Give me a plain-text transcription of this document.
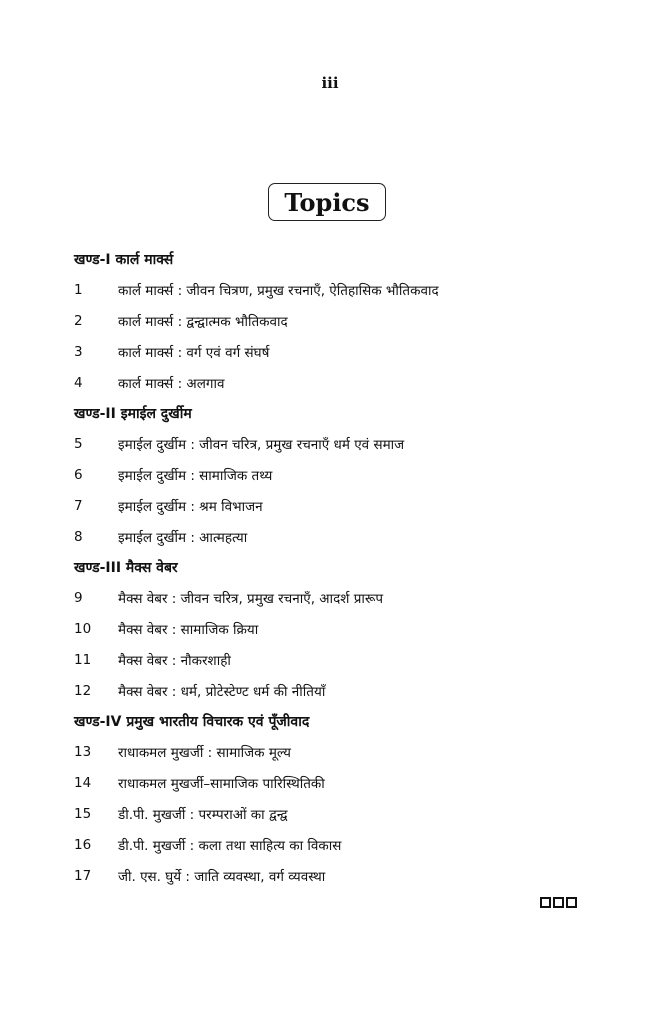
iii
Topics
खण्ड-I कार्ल मार्क्स
1	कार्ल मार्क्स : जीवन चित्रण, प्रमुख रचनाएँ, ऐतिहासिक भौतिकवाद
2	कार्ल मार्क्स : द्वन्द्वात्मक भौतिकवाद
3	कार्ल मार्क्स : वर्ग एवं वर्ग संघर्ष
4	कार्ल मार्क्स : अलगाव
खण्ड-II इमाईल दुर्खीम
5	इमाईल दुर्खीम : जीवन चरित्र, प्रमुख रचनाएँ धर्म एवं समाज
6	इमाईल दुर्खीम : सामाजिक तथ्य
7	इमाईल दुर्खीम : श्रम विभाजन
8	इमाईल दुर्खीम : आत्महत्या
खण्ड-III मैक्स वेबर
9	मैक्स वेबर : जीवन चरित्र, प्रमुख रचनाएँ, आदर्श प्रारूप
10	मैक्स वेबर : सामाजिक क्रिया
11	मैक्स वेबर : नौकरशाही
12	मैक्स वेबर : धर्म, प्रोटेस्टेण्ट धर्म की नीतियाँ
खण्ड-IV प्रमुख भारतीय विचारक एवं पूँजीवाद
13	राधाकमल मुखर्जी : सामाजिक मूल्य
14	राधाकमल मुखर्जी–सामाजिक पारिस्थितिकी
15	डी.पी. मुखर्जी : परम्पराओं का द्वन्द्व
16	डी.पी. मुखर्जी : कला तथा साहित्य का विकास
17	जी. एस. घुर्ये : जाति व्यवस्था, वर्ग व्यवस्था
